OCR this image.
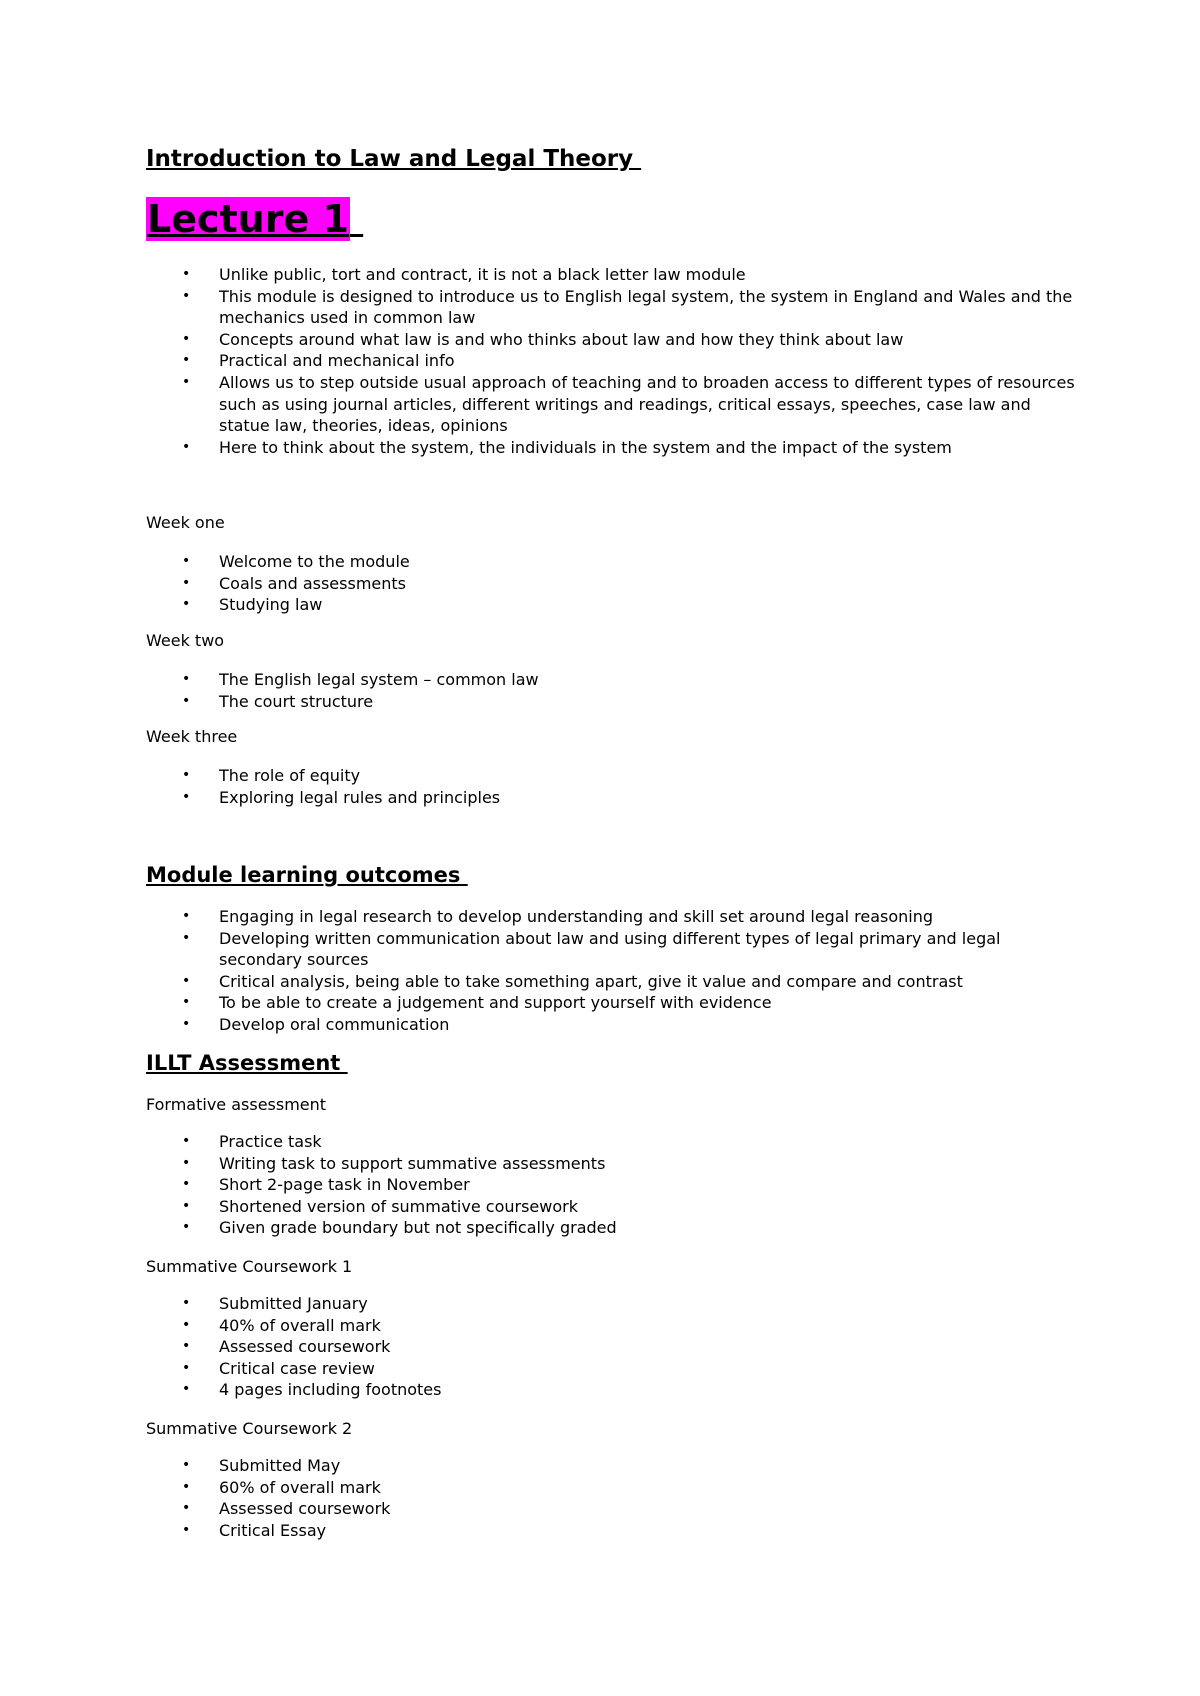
Introduction to Law and Legal Theory
Lecture 1
• Unlike public, tort and contract, it is not a black letter law module
• This module is designed to introduce us to English legal system, the system in England and Wales and the mechanics used in common law
• Concepts around what law is and who thinks about law and how they think about law
• Practical and mechanical info
• Allows us to step outside usual approach of teaching and to broaden access to different types of resources such as using journal articles, different writings and readings, critical essays, speeches, case law and statue law, theories, ideas, opinions
• Here to think about the system, the individuals in the system and the impact of the system

Week one

• Welcome to the module
• Coals and assessments
• Studying law

Week two

• The English legal system – common law
• The court structure

Week three

• The role of equity
• Exploring legal rules and principles
Module learning outcomes
• Engaging in legal research to develop understanding and skill set around legal reasoning
• Developing written communication about law and using different types of legal primary and legal secondary sources
• Critical analysis, being able to take something apart, give it value and compare and contrast
• To be able to create a judgement and support yourself with evidence
• Develop oral communication
ILLT Assessment

Formative assessment

• Practice task
• Writing task to support summative assessments
• Short 2-page task in November
• Shortened version of summative coursework
• Given grade boundary but not specifically graded

Summative Coursework 1

• Submitted January
• 40% of overall mark
• Assessed coursework
• Critical case review
• 4 pages including footnotes

Summative Coursework 2

• Submitted May
• 60% of overall mark
• Assessed coursework
• Critical Essay
